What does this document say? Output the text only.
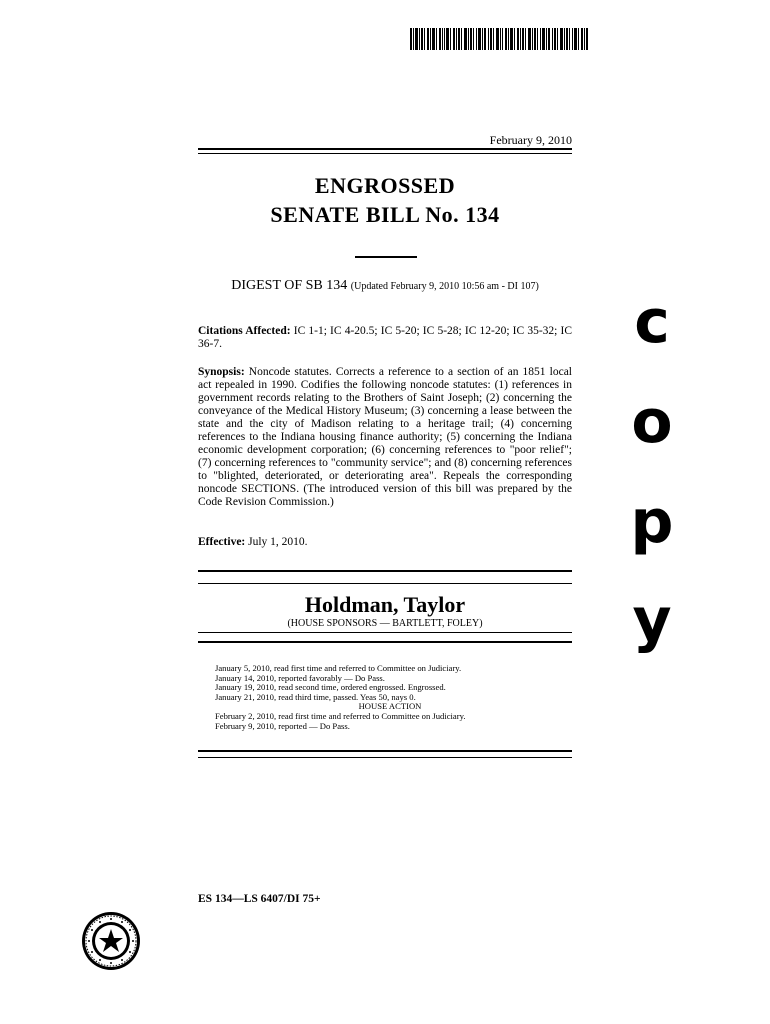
February 9, 2010
ENGROSSED
SENATE BILL No. 134
DIGEST OF SB 134 (Updated February 9, 2010 10:56 am - DI 107)
Citations Affected: IC 1-1; IC 4-20.5; IC 5-20; IC 5-28; IC 12-20; IC 35-32; IC 36-7.
Synopsis: Noncode statutes. Corrects a reference to a section of an 1851 local act repealed in 1990. Codifies the following noncode statutes: (1) references in government records relating to the Brothers of Saint Joseph; (2) concerning the conveyance of the Medical History Museum; (3) concerning a lease between the state and the city of Madison relating to a heritage trail; (4) concerning references to the Indiana housing finance authority; (5) concerning the Indiana economic development corporation; (6) concerning references to "poor relief"; (7) concerning references to "community service"; and (8) concerning references to "blighted, deteriorated, or deteriorating area". Repeals the corresponding noncode SECTIONS. (The introduced version of this bill was prepared by the Code Revision Commission.)
Effective: July 1, 2010.
c
o
p
y
Holdman, Taylor
(HOUSE SPONSORS — BARTLETT, FOLEY)
January 5, 2010, read first time and referred to Committee on Judiciary.
January 14, 2010, reported favorably — Do Pass.
January 19, 2010, read second time, ordered engrossed. Engrossed.
January 21, 2010, read third time, passed. Yeas 50, nays 0.
HOUSE ACTION
February 2, 2010, read first time and referred to Committee on Judiciary.
February 9, 2010, reported — Do Pass.
ES 134—LS 6407/DI 75+
